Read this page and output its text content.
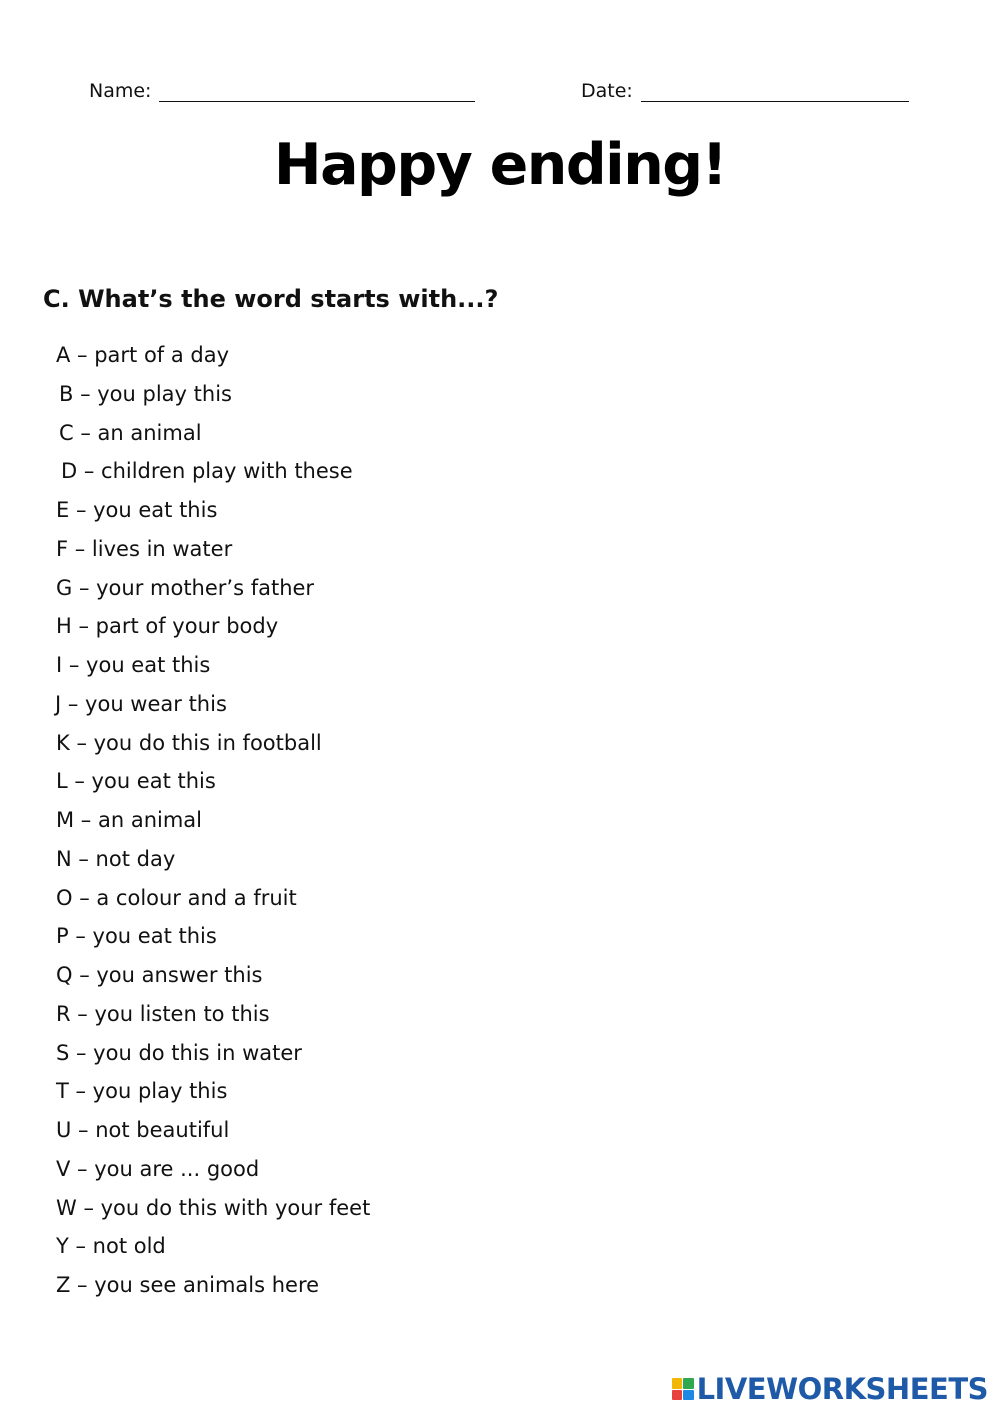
Name:	Date:
Happy ending!
C. What’s the word starts with...?
A – part of a day
B – you play this
C – an animal
D – children play with these
E – you eat this
F – lives in water
G – your mother’s father
H – part of your body
I – you eat this
J – you wear this
K – you do this in football
L – you eat this
M – an animal
N – not day
O – a colour and a fruit
P – you eat this
Q – you answer this
R – you listen to this
S – you do this in water
T – you play this
U – not beautiful
V – you are ... good
W – you do this with your feet
Y – not old
Z – you see animals here
LIVEWORKSHEETS
